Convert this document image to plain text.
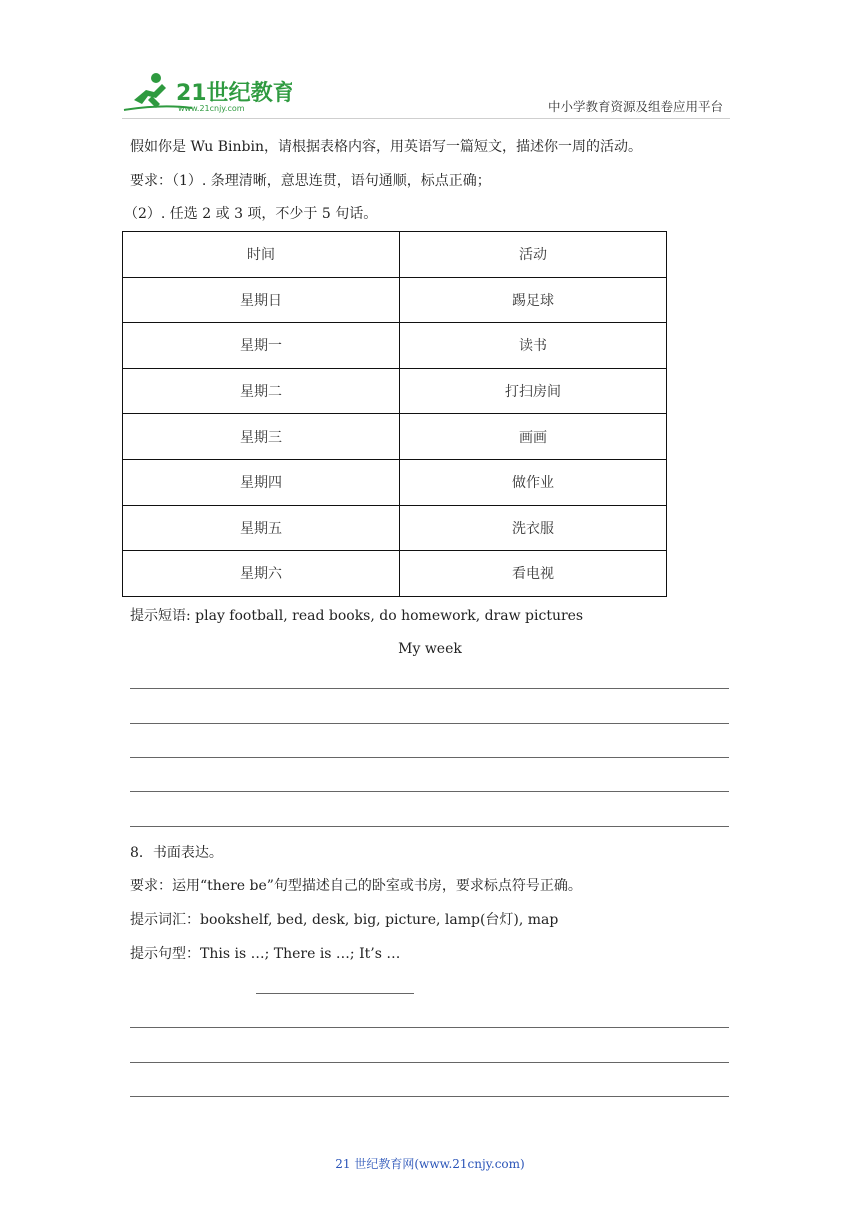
21世纪教育
www.21cnjy.com	中小学教育资源及组卷应用平台
假如你是 Wu Binbin，请根据表格内容，用英语写一篇短文，描述你一周的活动。
要求：（1）. 条理清晰，意思连贯，语句通顺，标点正确；
（2）. 任选 2 或 3 项，不少于 5 句话。
时间	活动
星期日	踢足球
星期一	读书
星期二	打扫房间
星期三	画画
星期四	做作业
星期五	洗衣服
星期六	看电视
提示短语: play football, read books, do homework, draw pictures
My week
8．书面表达。
要求：运用“there be”句型描述自己的卧室或书房，要求标点符号正确。
提示词汇：bookshelf, bed, desk, big, picture, lamp(台灯), map
提示句型：This is …; There is …; It’s …
21 世纪教育网(www.21cnjy.com)
